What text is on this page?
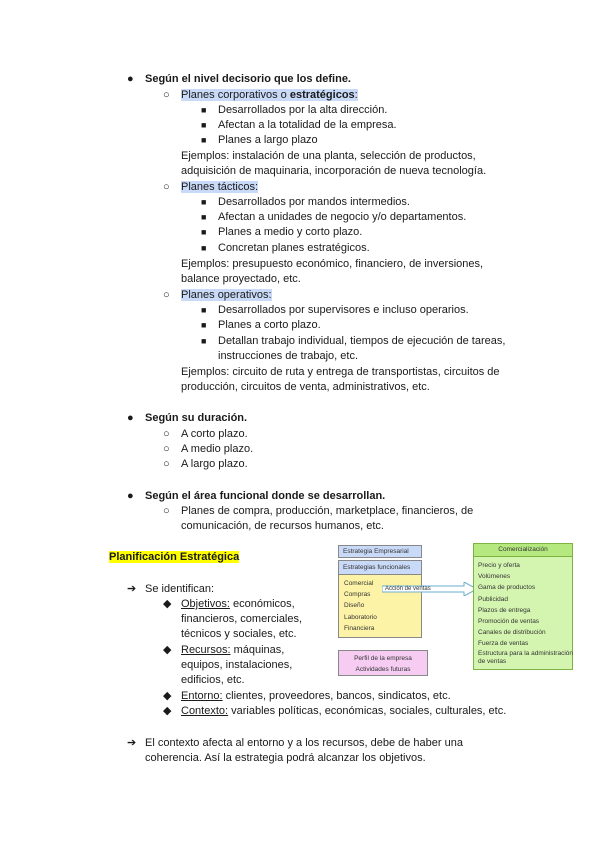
● Según el nivel decisorio que los define.
○ Planes corporativos o estratégicos:
■ Desarrollados por la alta dirección.
■ Afectan a la totalidad de la empresa.
■ Planes a largo plazo
Ejemplos: instalación de una planta, selección de productos,
adquisición de maquinaria, incorporación de nueva tecnología.
○ Planes tácticos:
■ Desarrollados por mandos intermedios.
■ Afectan a unidades de negocio y/o departamentos.
■ Planes a medio y corto plazo.
■ Concretan planes estratégicos.
Ejemplos: presupuesto económico, financiero, de inversiones,
balance proyectado, etc.
○ Planes operativos:
■ Desarrollados por supervisores e incluso operarios.
■ Planes a corto plazo.
■ Detallan trabajo individual, tiempos de ejecución de tareas,
instrucciones de trabajo, etc.
Ejemplos: circuito de ruta y entrega de transportistas, circuitos de
producción, circuitos de venta, administrativos, etc.
● Según su duración.
○ A corto plazo.
○ A medio plazo.
○ A largo plazo.
● Según el área funcional donde se desarrollan.
○ Planes de compra, producción, marketplace, financieros, de
comunicación, de recursos humanos, etc.
Planificación Estratégica
➔ Se identifican:
◆ Objetivos: económicos,
financieros, comerciales,
técnicos y sociales, etc.
◆ Recursos: máquinas,
equipos, instalaciones,
edificios, etc.
◆ Entorno: clientes, proveedores, bancos, sindicatos, etc.
◆ Contexto: variables políticas, económicas, sociales, culturales, etc.
➔ El contexto afecta al entorno y a los recursos, debe de haber una
coherencia. Así la estrategia podrá alcanzar los objetivos.
Estrategia Empresarial
Estrategias funcionales
Comercial
Compras
Diseño
Laboratorio
Financiera
Acción de ventas
Perfil de la empresa
Actividades futuras
Comercialización
Precio y oferta
Volúmenes
Gama de productos
Publicidad
Plazos de entrega
Promoción de ventas
Canales de distribución
Fuerza de ventas
Estructura para la administración
de ventas
